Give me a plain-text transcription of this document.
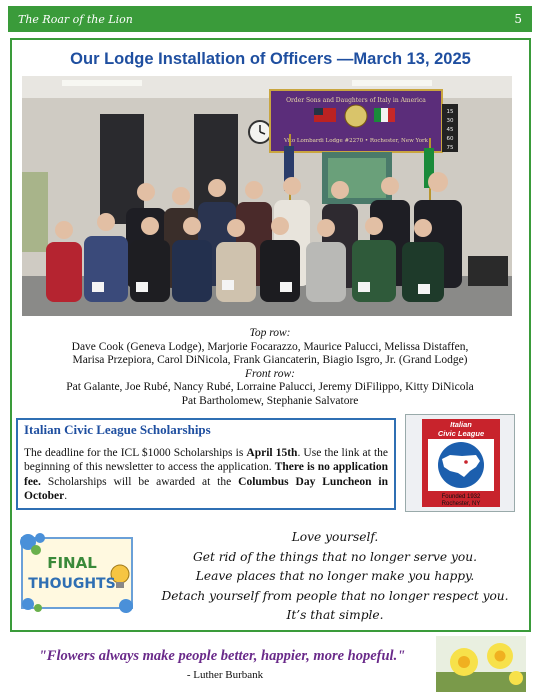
The Roar of the Lion	5
Our Lodge Installation of Officers —March 13, 2025
Order Sons and Daughters of Italy in America
Vito Lombardi Lodge #2270 • Rochester, New York
15
30
45
60
75
Top row:
Dave Cook (Geneva Lodge), Marjorie Focarazzo, Maurice Palucci, Melissa Distaffen,
Marisa Przepiora, Carol DiNicola, Frank Giancaterin, Biagio Isgro, Jr. (Grand Lodge)
Front row:
Pat Galante, Joe Rubé, Nancy Rubé, Lorraine Palucci, Jeremy DiFilippo, Kitty DiNicola
Pat Bartholomew, Stephanie Salvatore
Italian Civic League Scholarships
The deadline for the ICL $1000 Scholarships is April 15th. Use the link at the beginning of this newsletter to access the application. There is no application fee. Scholarships will be awarded at the Columbus Day Luncheon in October.
Italian
Civic League
Founded 1932
Rochester, NY
FINAL
THOUGHTS
Love yourself.
Get rid of the things that no longer serve you.
Leave places that no longer make you happy.
Detach yourself from people that no longer respect you.
It’s that simple.
"Flowers always make people better, happier, more hopeful."
- Luther Burbank
